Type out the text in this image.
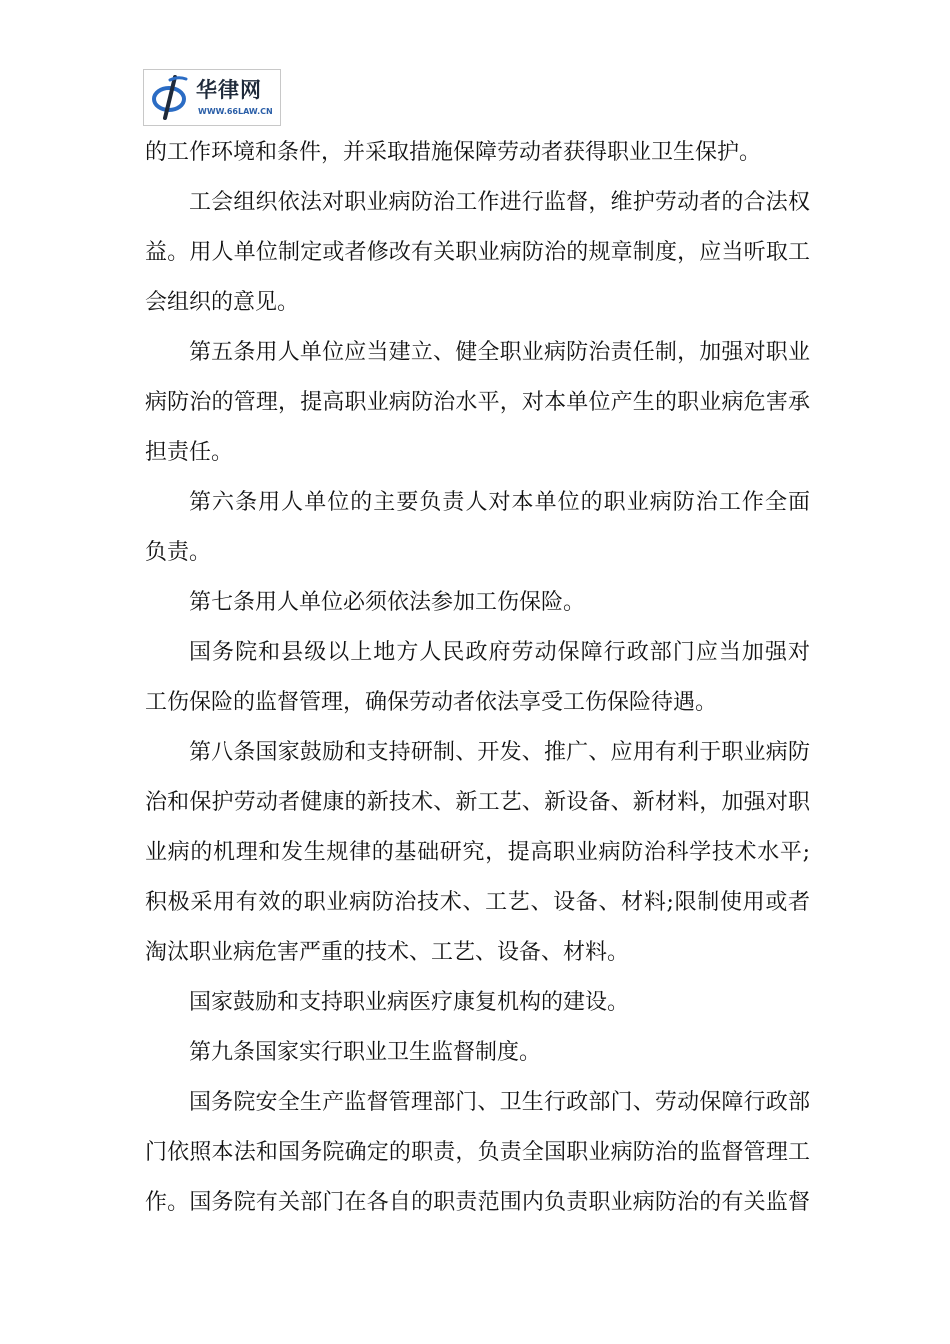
华律网
WWW.66LAW.CN
的工作环境和条件，并采取措施保障劳动者获得职业卫生保护。
工会组织依法对职业病防治工作进行监督，维护劳动者的合法权
益。用人单位制定或者修改有关职业病防治的规章制度，应当听取工
会组织的意见。
第五条用人单位应当建立、健全职业病防治责任制，加强对职业
病防治的管理，提高职业病防治水平，对本单位产生的职业病危害承
担责任。
第六条用人单位的主要负责人对本单位的职业病防治工作全面
负责。
第七条用人单位必须依法参加工伤保险。
国务院和县级以上地方人民政府劳动保障行政部门应当加强对
工伤保险的监督管理，确保劳动者依法享受工伤保险待遇。
第八条国家鼓励和支持研制、开发、推广、应用有利于职业病防
治和保护劳动者健康的新技术、新工艺、新设备、新材料，加强对职
业病的机理和发生规律的基础研究，提高职业病防治科学技术水平;
积极采用有效的职业病防治技术、工艺、设备、材料;限制使用或者
淘汰职业病危害严重的技术、工艺、设备、材料。
国家鼓励和支持职业病医疗康复机构的建设。
第九条国家实行职业卫生监督制度。
国务院安全生产监督管理部门、卫生行政部门、劳动保障行政部
门依照本法和国务院确定的职责，负责全国职业病防治的监督管理工
作。国务院有关部门在各自的职责范围内负责职业病防治的有关监督
